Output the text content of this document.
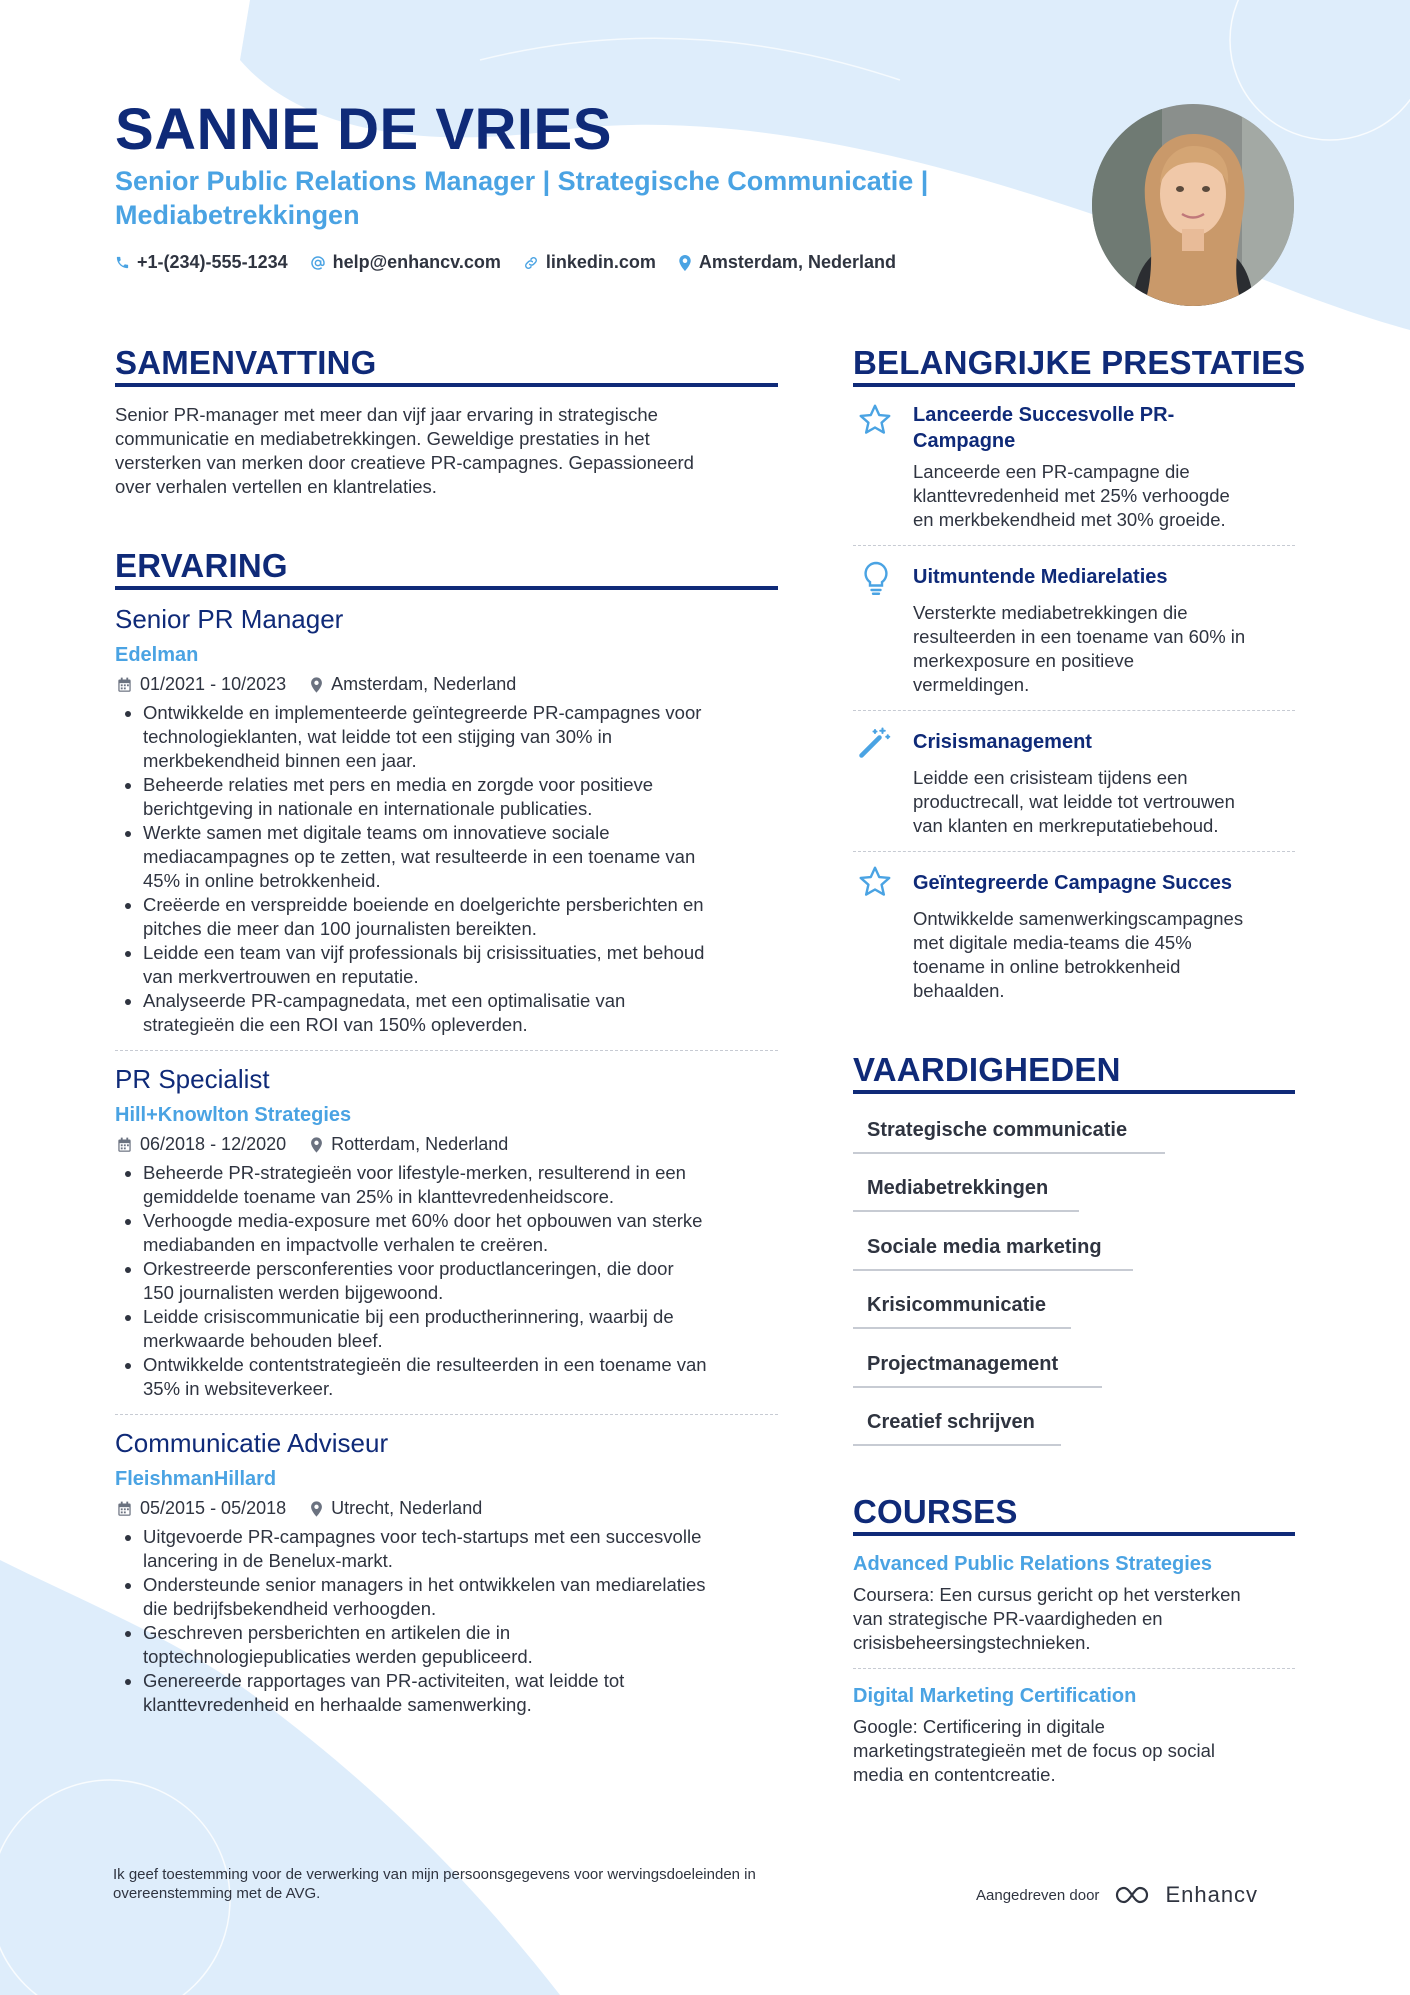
SANNE DE VRIES
Senior Public Relations Manager | Strategische Communicatie |
Mediabetrekkingen
+1-(234)-555-1234	help@enhancv.com	linkedin.com Amsterdam, Nederland
SAMENVATTING
Senior PR-manager met meer dan vijf jaar ervaring in strategische
communicatie en mediabetrekkingen. Geweldige prestaties in het
versterken van merken door creatieve PR-campagnes. Gepassioneerd
over verhalen vertellen en klantrelaties.
ERVARING
Senior PR Manager
Edelman
01/2021 - 10/2023	Amsterdam, Nederland
• Ontwikkelde en implementeerde geïntegreerde PR-campagnes voor
technologieklanten, wat leidde tot een stijging van 30% in
merkbekendheid binnen een jaar.
• Beheerde relaties met pers en media en zorgde voor positieve
berichtgeving in nationale en internationale publicaties.
• Werkte samen met digitale teams om innovatieve sociale
mediacampagnes op te zetten, wat resulteerde in een toename van
45% in online betrokkenheid.
• Creëerde en verspreidde boeiende en doelgerichte persberichten en
pitches die meer dan 100 journalisten bereikten.
• Leidde een team van vijf professionals bij crisissituaties, met behoud
van merkvertrouwen en reputatie.
• Analyseerde PR-campagnedata, met een optimalisatie van
strategieën die een ROI van 150% opleverden.
PR Specialist
Hill+Knowlton Strategies
06/2018 - 12/2020	Rotterdam, Nederland
• Beheerde PR-strategieën voor lifestyle-merken, resulterend in een
gemiddelde toename van 25% in klanttevredenheidscore.
• Verhoogde media-exposure met 60% door het opbouwen van sterke
mediabanden en impactvolle verhalen te creëren.
• Orkestreerde persconferenties voor productlanceringen, die door
150 journalisten werden bijgewoond.
• Leidde crisiscommunicatie bij een productherinnering, waarbij de
merkwaarde behouden bleef.
• Ontwikkelde contentstrategieën die resulteerden in een toename van
35% in websiteverkeer.
Communicatie Adviseur
FleishmanHillard
05/2015 - 05/2018	Utrecht, Nederland
• Uitgevoerde PR-campagnes voor tech-startups met een succesvolle
lancering in de Benelux-markt.
• Ondersteunde senior managers in het ontwikkelen van mediarelaties
die bedrijfsbekendheid verhoogden.
• Geschreven persberichten en artikelen die in
toptechnologiepublicaties werden gepubliceerd.
• Genereerde rapportages van PR-activiteiten, wat leidde tot
klanttevredenheid en herhaalde samenwerking.
BELANGRIJKE PRESTATIES
Lanceerde Succesvolle PR-
Campagne
Lanceerde een PR-campagne die
klanttevredenheid met 25% verhoogde
en merkbekendheid met 30% groeide.
Uitmuntende Mediarelaties
Versterkte mediabetrekkingen die
resulteerden in een toename van 60% in
merkexposure en positieve
vermeldingen.
Crisismanagement
Leidde een crisisteam tijdens een
productrecall, wat leidde tot vertrouwen
van klanten en merkreputatiebehoud.
Geïntegreerde Campagne Succes
Ontwikkelde samenwerkingscampagnes
met digitale media-teams die 45%
toename in online betrokkenheid
behaalden.
VAARDIGHEDEN
Strategische communicatie
Mediabetrekkingen
Sociale media marketing
Krisicommunicatie
Projectmanagement
Creatief schrijven
COURSES
Advanced Public Relations Strategies
Coursera: Een cursus gericht op het versterken
van strategische PR-vaardigheden en
crisisbeheersingstechnieken.
Digital Marketing Certification
Google: Certificering in digitale
marketingstrategieën met de focus op social
media en contentcreatie.
Ik geef toestemming voor de verwerking van mijn persoonsgegevens voor wervingsdoeleinden in
overeenstemming met de AVG.	Aangedreven door	Enhancv
